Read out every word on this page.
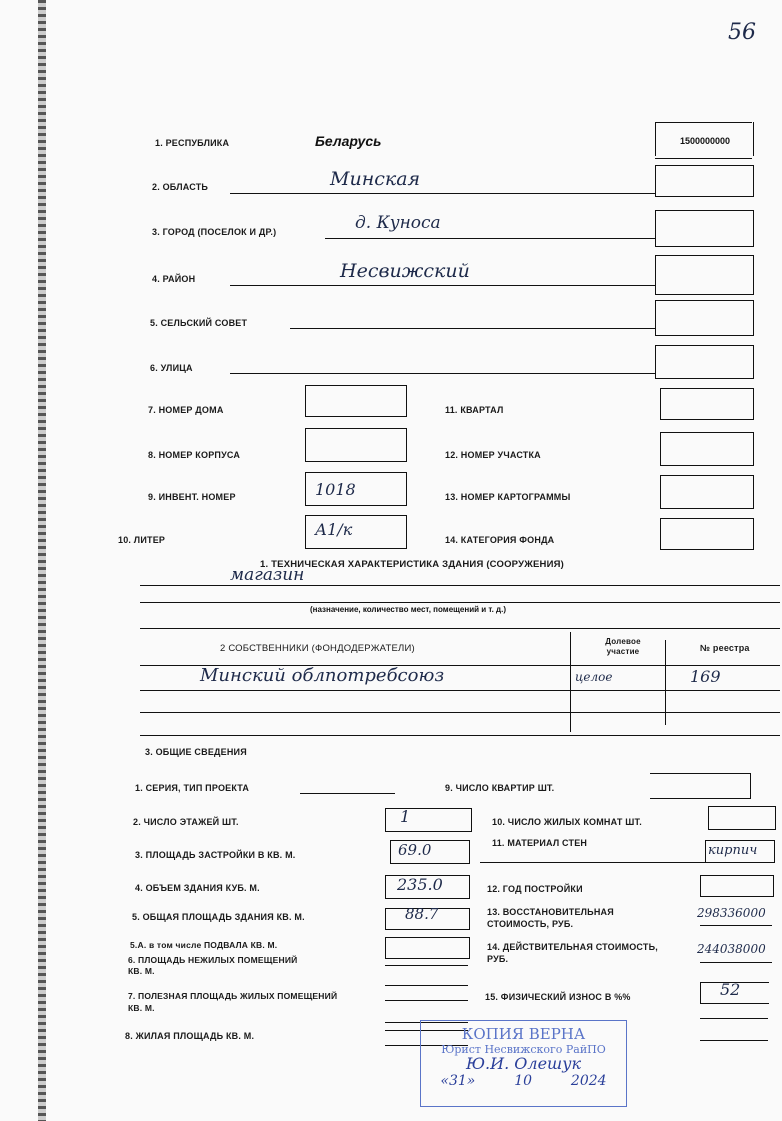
56
1. РЕСПУБЛИКА	Беларусь	1500000000
2. ОБЛАСТЬ	Минская
3. ГОРОД (ПОСЕЛОК И ДР.)	д. Куноса
4. РАЙОН	Несвижский
5. СЕЛЬСКИЙ СОВЕТ
6. УЛИЦА
7. НОМЕР ДОМА
8. НОМЕР КОРПУСА
9. ИНВЕНТ. НОМЕР	1018
10. ЛИТЕР
А1/к
11. КВАРТАЛ
12. НОМЕР УЧАСТКА
13. НОМЕР КАРТОГРАММЫ
14. КАТЕГОРИЯ ФОНДА
1. ТЕХНИЧЕСКАЯ ХАРАКТЕРИСТИКА ЗДАНИЯ (СООРУЖЕНИЯ)
магазин
(назначение, количество мест, помещений и т. д.)
2 СОБСТВЕННИКИ (ФОНДОДЕРЖАТЕЛИ)
Долевое участие	№ реестра
Минский облпотребсоюз	целое	169
3. ОБЩИЕ СВЕДЕНИЯ
1. СЕРИЯ, ТИП ПРОЕКТА
2. ЧИСЛО ЭТАЖЕЙ ШТ.	1
3. ПЛОЩАДЬ ЗАСТРОЙКИ В КВ. М.	69.0
4. ОБЪЕМ ЗДАНИЯ КУБ. М.	235.0
5. ОБЩАЯ ПЛОЩАДЬ ЗДАНИЯ КВ. М.	88.7
5.А. в том числе ПОДВАЛА КВ. М.
6. ПЛОЩАДЬ НЕЖИЛЫХ ПОМЕЩЕНИЙ КВ. М.
7. ПОЛЕЗНАЯ ПЛОЩАДЬ ЖИЛЫХ ПОМЕЩЕНИЙ КВ. М.
8. ЖИЛАЯ ПЛОЩАДЬ КВ. М.
9. ЧИСЛО КВАРТИР ШТ.
10. ЧИСЛО ЖИЛЫХ КОМНАТ ШТ.
11. МАТЕРИАЛ СТЕН	кирпич
12. ГОД ПОСТРОЙКИ
13. ВОССТАНОВИТЕЛЬНАЯ СТОИМОСТЬ, РУБ.
298336000
14. ДЕЙСТВИТЕЛЬНАЯ СТОИМОСТЬ, РУБ.
244038000
15. ФИЗИЧЕСКИЙ ИЗНОС В %%	52
КОПИЯ ВЕРНА
Юрист Несвижского РайПО
Ю.И. Олешук
«31»	10	2024
